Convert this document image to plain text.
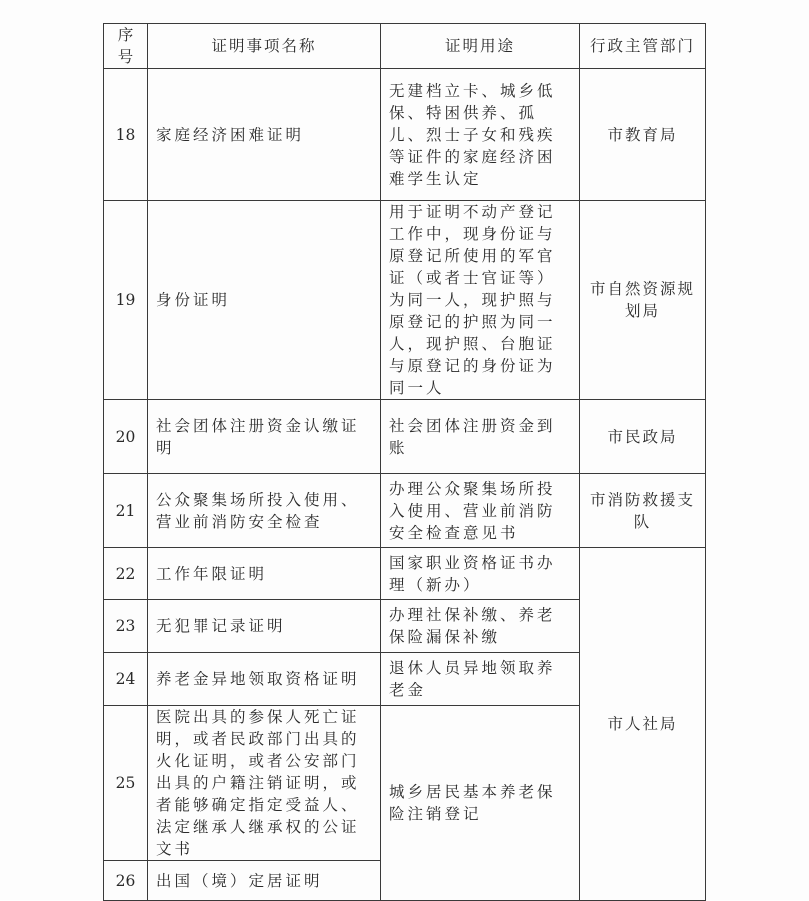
序号	证明事项名称	证明用途	行政主管部门
18	家庭经济困难证明	无建档立卡、城乡低保、特困供养、孤儿、烈士子女和残疾等证件的家庭经济困难学生认定	市教育局
19	身份证明	用于证明不动产登记工作中，现身份证与原登记所使用的军官证（或者士官证等）为同一人，现护照与原登记的护照为同一人，现护照、台胞证与原登记的身份证为同一人	市自然资源规划局
20	社会团体注册资金认缴证明	社会团体注册资金到账	市民政局
21	公众聚集场所投入使用、营业前消防安全检查	办理公众聚集场所投入使用、营业前消防安全检查意见书	市消防救援支队
22	工作年限证明	国家职业资格证书办理（新办）	市人社局
23	无犯罪记录证明	办理社保补缴、养老保险漏保补缴	
24	养老金异地领取资格证明	退休人员异地领取养老金	
25	医院出具的参保人死亡证明，或者民政部门出具的火化证明，或者公安部门出具的户籍注销证明，或者能够确定指定受益人、法定继承人继承权的公证文书	城乡居民基本养老保险注销登记	
26	出国（境）定居证明		
